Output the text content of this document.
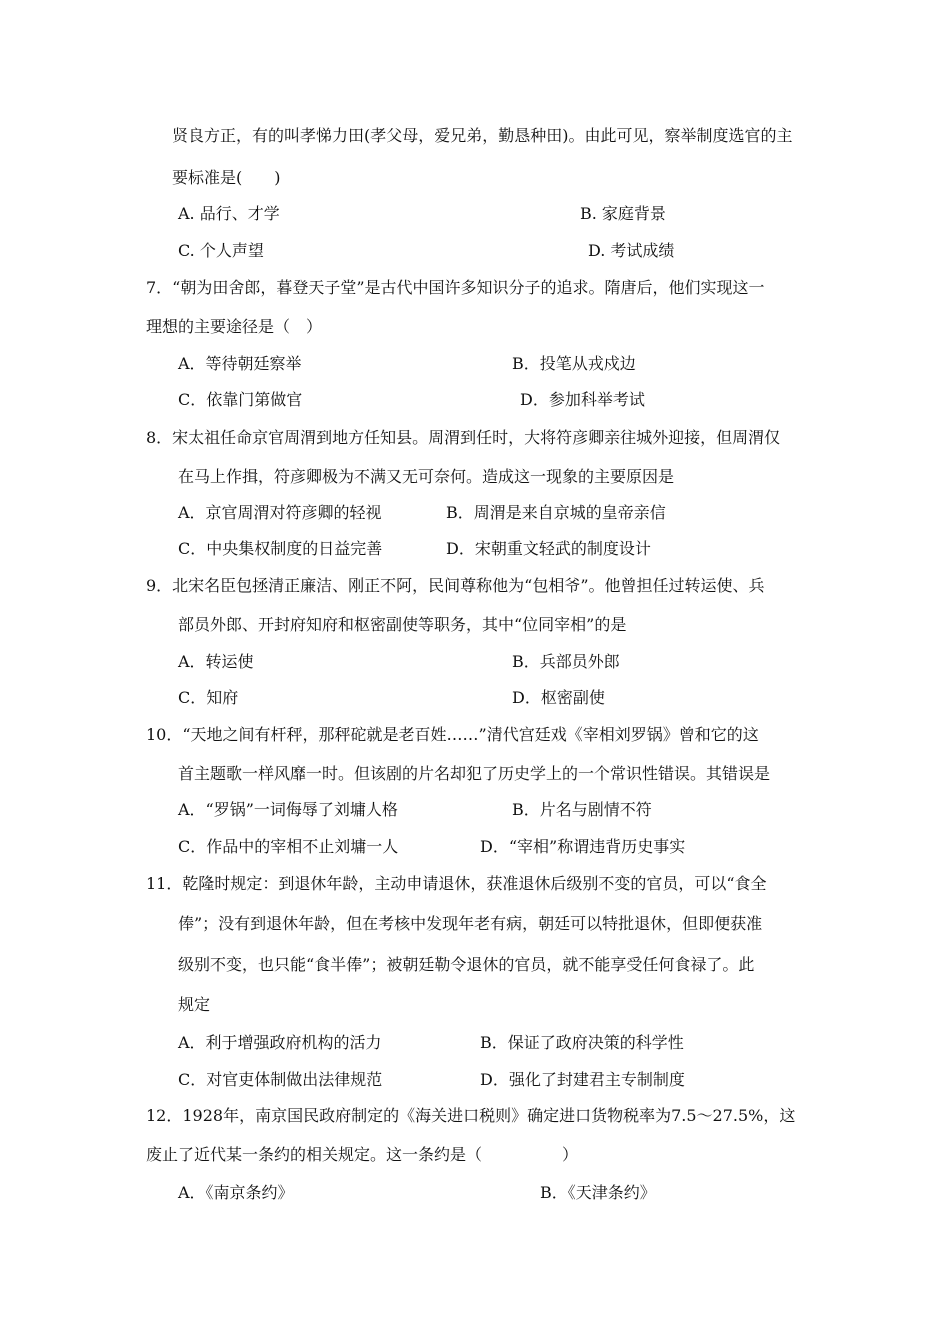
贤良方正，有的叫孝悌力田(孝父母，爱兄弟，勤恳种田)。由此可见，察举制度选官的主
要标准是(　　)
A. 品行、才学	B. 家庭背景
C. 个人声望	D. 考试成绩
7．“朝为田舍郎，暮登天子堂”是古代中国许多知识分子的追求。隋唐后，他们实现这一
理想的主要途径是（　）
A．等待朝廷察举	B．投笔从戎戍边
C．依靠门第做官	D．参加科举考试
8．宋太祖任命京官周渭到地方任知县。周渭到任时，大将符彦卿亲往城外迎接，但周渭仅
在马上作揖，符彦卿极为不满又无可奈何。造成这一现象的主要原因是
A．京官周渭对符彦卿的轻视	B．周渭是来自京城的皇帝亲信
C．中央集权制度的日益完善	D．宋朝重文轻武的制度设计
9．北宋名臣包拯清正廉洁、刚正不阿，民间尊称他为“包相爷”。他曾担任过转运使、兵
部员外郎、开封府知府和枢密副使等职务，其中“位同宰相”的是
A．转运使	B．兵部员外郎
C．知府	D．枢密副使
10．“天地之间有杆秤，那秤砣就是老百姓……”清代宫廷戏《宰相刘罗锅》曾和它的这
首主题歌一样风靡一时。但该剧的片名却犯了历史学上的一个常识性错误。其错误是
A．“罗锅”一词侮辱了刘墉人格	B．片名与剧情不符
C．作品中的宰相不止刘墉一人	D．“宰相”称谓违背历史事实
11．乾隆时规定：到退休年龄，主动申请退休，获准退休后级别不变的官员，可以“食全
俸”；没有到退休年龄，但在考核中发现年老有病，朝廷可以特批退休，但即便获准
级别不变，也只能“食半俸”；被朝廷勒令退休的官员，就不能享受任何食禄了。此
规定
A．利于增强政府机构的活力	B．保证了政府决策的科学性
C．对官吏体制做出法律规范	D．强化了封建君主专制制度
12．1928年，南京国民政府制定的《海关进口税则》确定进口货物税率为7.5～27.5%，这
废止了近代某一条约的相关规定。这一条约是（　　　　　）
A．《南京条约》	B．《天津条约》
